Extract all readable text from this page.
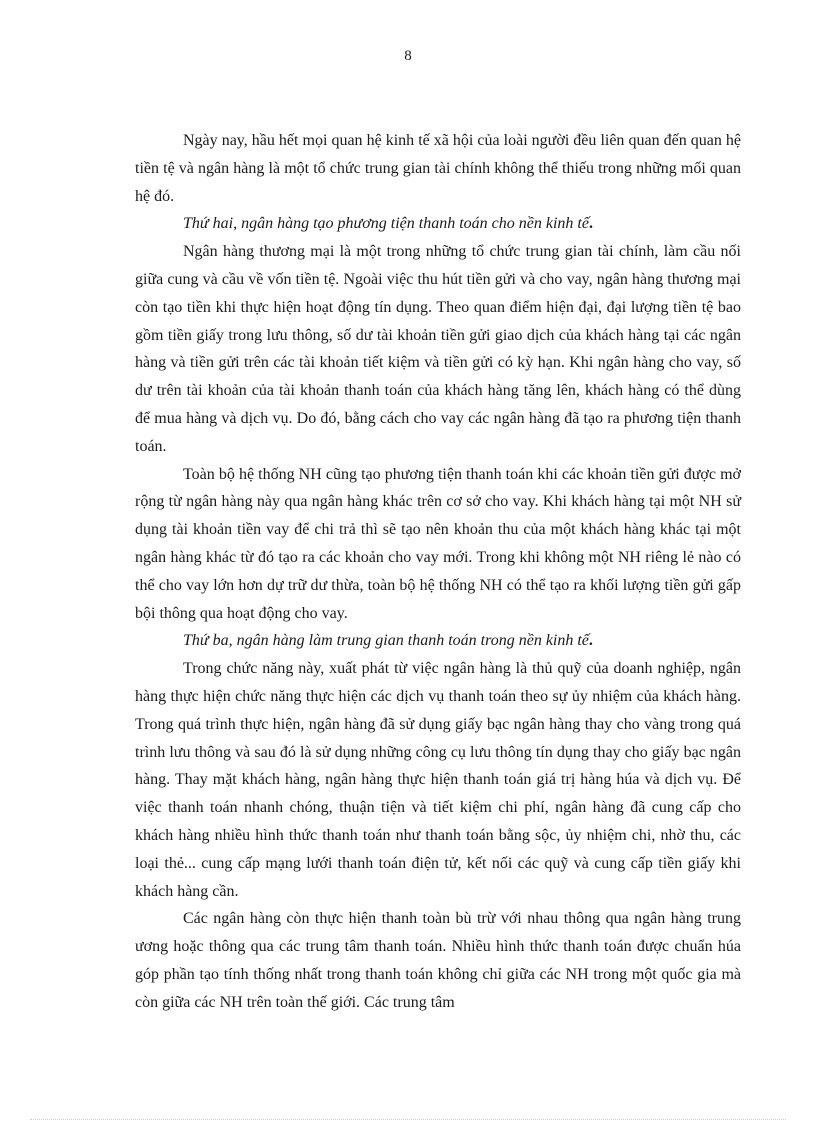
8

Ngày nay, hầu hết mọi quan hệ kinh tế xã hội của loài người đều liên quan đến quan hệ tiền tệ và ngân hàng là một tổ chức trung gian tài chính không thể thiếu trong những mối quan hệ đó.

Thứ hai, ngân hàng tạo phương tiện thanh toán cho nền kinh tế.

Ngân hàng thương mại là một trong những tổ chức trung gian tài chính, làm cầu nối giữa cung và cầu về vốn tiền tệ. Ngoài việc thu hút tiền gửi và cho vay, ngân hàng thương mại còn tạo tiền khi thực hiện hoạt động tín dụng. Theo quan điểm hiện đại, đại lượng tiền tệ bao gồm tiền giấy trong lưu thông, số dư tài khoản tiền gửi giao dịch của khách hàng tại các ngân hàng và tiền gửi trên các tài khoản tiết kiệm và tiền gửi có kỳ hạn. Khi ngân hàng cho vay, số dư trên tài khoản của tài khoản thanh toán của khách hàng tăng lên, khách hàng có thể dùng để mua hàng và dịch vụ. Do đó, bằng cách cho vay các ngân hàng đã tạo ra phương tiện thanh toán.

Toàn bộ hệ thống NH cũng tạo phương tiện thanh toán khi các khoản tiền gửi được mở rộng từ ngân hàng này qua ngân hàng khác trên cơ sở cho vay. Khi khách hàng tại một NH sử dụng tài khoản tiền vay để chi trả thì sẽ tạo nên khoản thu của một khách hàng khác tại một ngân hàng khác từ đó tạo ra các khoản cho vay mới. Trong khi không một NH riêng lẻ nào có thể cho vay lớn hơn dự trữ dư thừa, toàn bộ hệ thống NH có thể tạo ra khối lượng tiền gửi gấp bội thông qua hoạt động cho vay.

Thứ ba, ngân hàng làm trung gian thanh toán trong nền kinh tế.

Trong chức năng này, xuất phát từ việc ngân hàng là thủ quỹ của doanh nghiệp, ngân hàng thực hiện chức năng thực hiện các dịch vụ thanh toán theo sự ủy nhiệm của khách hàng. Trong quá trình thực hiện, ngân hàng đã sử dụng giấy bạc ngân hàng thay cho vàng trong quá trình lưu thông và sau đó là sử dụng những công cụ lưu thông tín dụng thay cho giấy bạc ngân hàng. Thay mặt khách hàng, ngân hàng thực hiện thanh toán giá trị hàng húa và dịch vụ. Để việc thanh toán nhanh chóng, thuận tiện và tiết kiệm chi phí, ngân hàng đã cung cấp cho khách hàng nhiều hình thức thanh toán như thanh toán bằng sộc, ủy nhiệm chi, nhờ thu, các loại thẻ... cung cấp mạng lưới thanh toán điện tử, kết nối các quỹ và cung cấp tiền giấy khi khách hàng cần.

Các ngân hàng còn thực hiện thanh toàn bù trừ với nhau thông qua ngân hàng trung ương hoặc thông qua các trung tâm thanh toán. Nhiều hình thức thanh toán được chuẩn húa góp phần tạo tính thống nhất trong thanh toán không chỉ giữa các NH trong một quốc gia mà còn giữa các NH trên toàn thế giới. Các trung tâm
